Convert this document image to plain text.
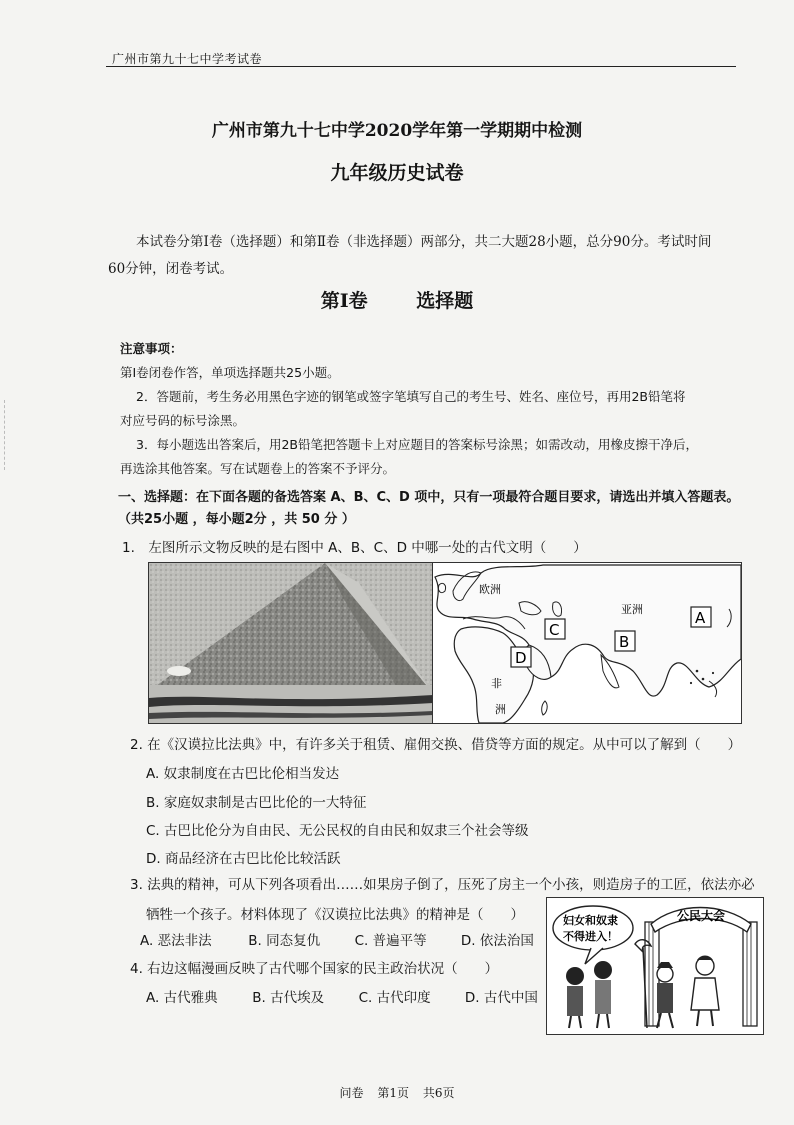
广州市第九十七中学考试卷
广州市第九十七中学2020学年第一学期期中检测
九年级历史试卷
本试卷分第Ⅰ卷（选择题）和第Ⅱ卷（非选择题）两部分，共二大题28小题，总分90分。考试时间
60分钟，闭卷考试。
第Ⅰ卷	选择题
注意事项：
第Ⅰ卷闭卷作答，单项选择题共25小题。
2．答题前，考生务必用黑色字迹的钢笔或签字笔填写自己的考生号、姓名、座位号，再用2B铅笔将
对应号码的标号涂黑。
3．每小题选出答案后，用2B铅笔把答题卡上对应题目的答案标号涂黑；如需改动，用橡皮擦干净后，
再选涂其他答案。写在试题卷上的答案不予评分。
一、选择题：在下面各题的备选答案 A、B、C、D 项中，只有一项最符合题目要求，请选出并填入答题表。
（共25小题 ，每小题2分 ，共 50 分 ）
1.　左图所示文物反映的是右图中 A、B、C、D 中哪一处的古代文明（　　）
欧洲
亚洲
非
洲
A
B
C
D
2. 在《汉谟拉比法典》中，有许多关于租赁、雇佣交换、借贷等方面的规定。从中可以了解到（　　）
A. 奴隶制度在古巴比伦相当发达
B. 家庭奴隶制是古巴比伦的一大特征
C. 古巴比伦分为自由民、无公民权的自由民和奴隶三个社会等级
D. 商品经济在古巴比伦比较活跃
3. 法典的精神，可从下列各项看出……如果房子倒了，压死了房主一个小孩，则造房子的工匠，依法亦必
牺牲一个孩子。材料体现了《汉谟拉比法典》的精神是（　　）
A. 恶法非法	B. 同态复仇	C. 普遍平等	D. 依法治国
4. 右边这幅漫画反映了古代哪个国家的民主政治状况（　　）
A. 古代雅典	B. 古代埃及	C. 古代印度	D. 古代中国
妇女和奴隶
不得进入！
公民大会
问卷 第1页 共6页
